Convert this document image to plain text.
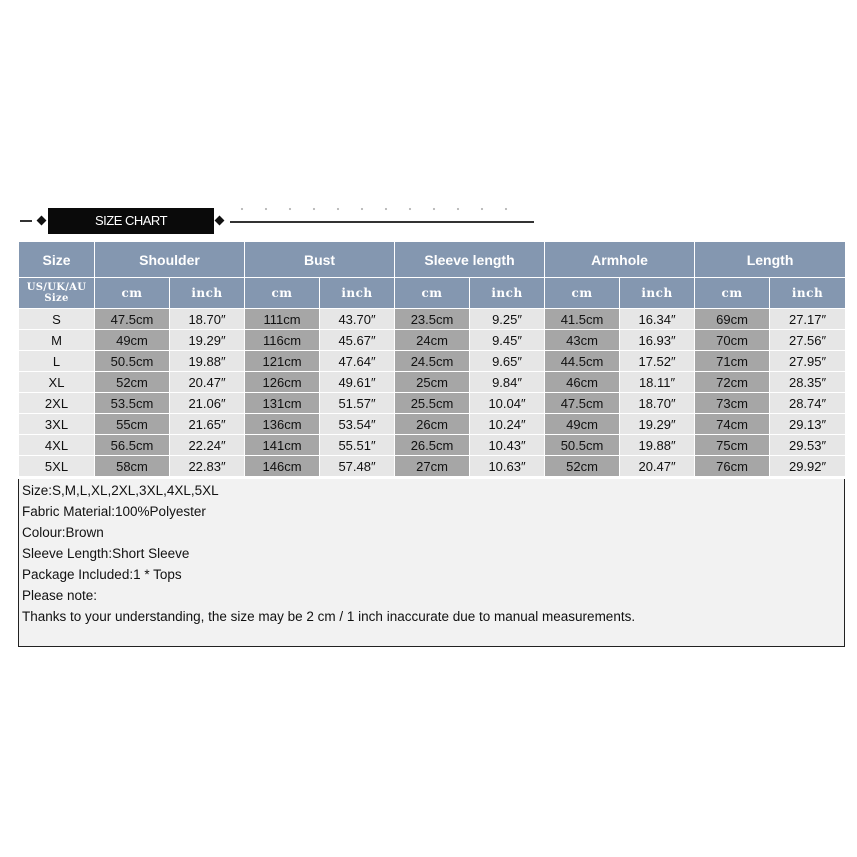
SIZE CHART
Size	Shoulder		Bust		Sleeve length		Armhole		Length	
US/UK/AU Size	cm	inch	cm	inch	cm	inch	cm	inch	cm	inch
S	47.5cm	18.70″	111cm	43.70″	23.5cm	9.25″	41.5cm	16.34″	69cm	27.17″
M	49cm	19.29″	116cm	45.67″	24cm	9.45″	43cm	16.93″	70cm	27.56″
L	50.5cm	19.88″	121cm	47.64″	24.5cm	9.65″	44.5cm	17.52″	71cm	27.95″
XL	52cm	20.47″	126cm	49.61″	25cm	9.84″	46cm	18.11″	72cm	28.35″
2XL	53.5cm	21.06″	131cm	51.57″	25.5cm	10.04″	47.5cm	18.70″	73cm	28.74″
3XL	55cm	21.65″	136cm	53.54″	26cm	10.24″	49cm	19.29″	74cm	29.13″
4XL	56.5cm	22.24″	141cm	55.51″	26.5cm	10.43″	50.5cm	19.88″	75cm	29.53″
5XL	58cm	22.83″	146cm	57.48″	27cm	10.63″	52cm	20.47″	76cm	29.92″
Size:S,M,L,XL,2XL,3XL,4XL,5XL
Fabric Material:100%Polyester
Colour:Brown
Sleeve Length:Short Sleeve
Package Included:1 * Tops
Please note:
Thanks to your understanding, the size may be 2 cm / 1 inch inaccurate due to manual measurements.
